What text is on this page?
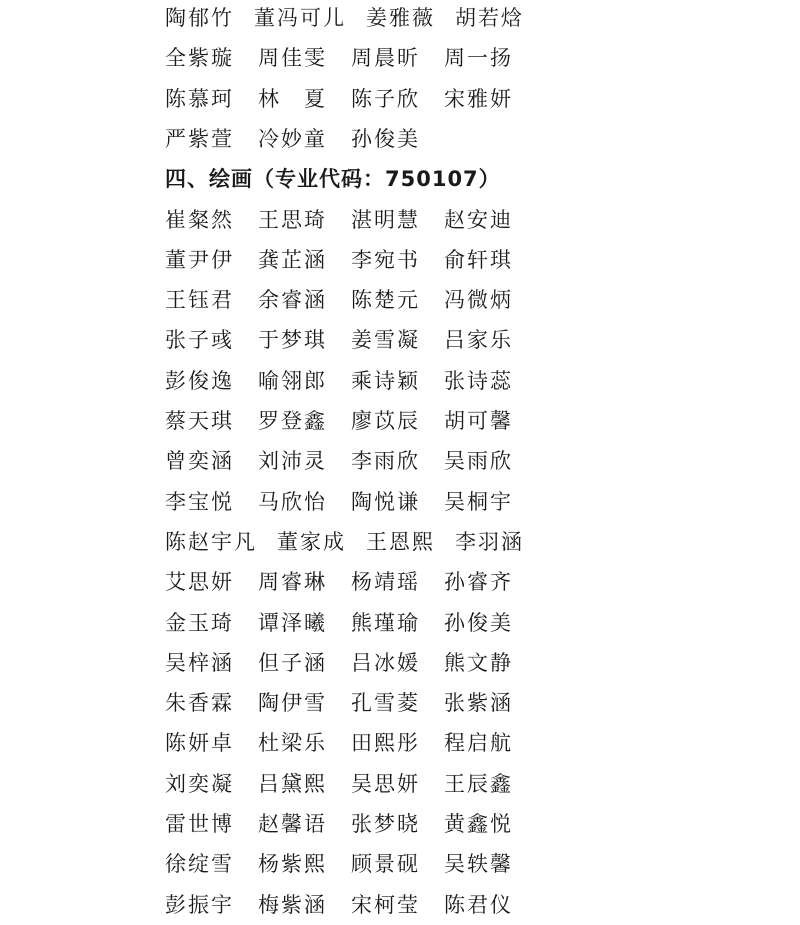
陶郁竹 董冯可儿 姜雅薇 胡若焓
全紫璇 周佳雯 周晨昕 周一扬
陈慕珂 林　夏 陈子欣 宋雅妍
严紫萱 冷妙童 孙俊美
四、绘画（专业代码：750107）
崔粲然 王思琦 湛明慧 赵安迪
董尹伊 龚芷涵 李宛书 俞轩琪
王钰君 余睿涵 陈楚元 冯微炳
张子彧 于梦琪 姜雪凝 吕家乐
彭俊逸 喻翎郎 乘诗颖 张诗蕊
蔡天琪 罗登鑫 廖苡辰 胡可馨
曾奕涵 刘沛灵 李雨欣 吴雨欣
李宝悦 马欣怡 陶悦谦 吴桐宇
陈赵宇凡 董家成 王恩熙 李羽涵
艾思妍 周睿琳 杨靖瑶 孙睿齐
金玉琦 谭泽曦 熊瑾瑜 孙俊美
吴梓涵 但子涵 吕冰媛 熊文静
朱香霖 陶伊雪 孔雪菱 张紫涵
陈妍卓 杜梁乐 田熙彤 程启航
刘奕凝 吕黛熙 吴思妍 王辰鑫
雷世博 赵馨语 张梦晓 黄鑫悦
徐绽雪 杨紫熙 顾景砚 吴轶馨
彭振宇 梅紫涵 宋柯莹 陈君仪
